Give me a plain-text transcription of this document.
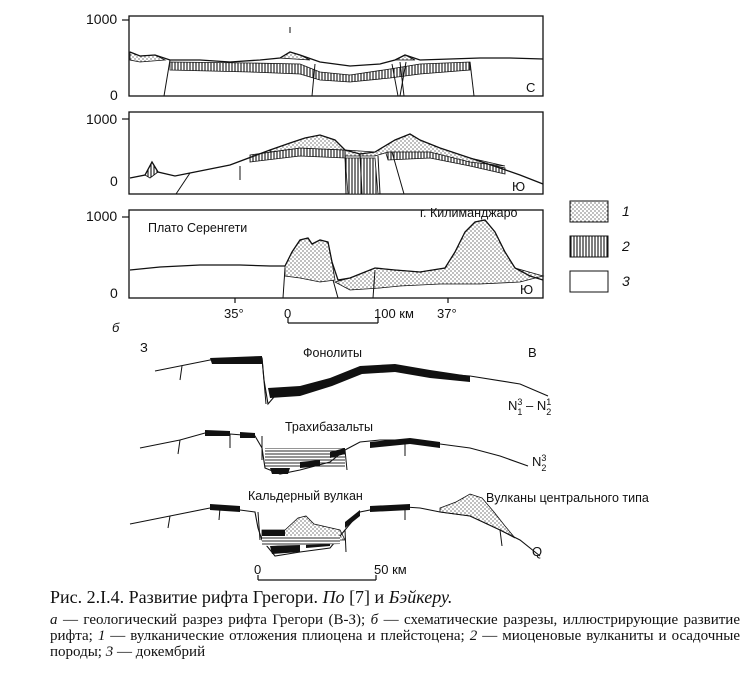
1000
0	С
1000
0	Ю
1000
0
Плато Серенгети
г. Килиманджаро
Ю
35°	37°
0	100 км
б
1
2
3
З	В
Фонолиты
$N_1^3 - N_2^1$
Трахибазальты
$N_2^3$
Кальдерный вулкан	Вулканы центрального типа
Q
0	50 км
Рис. 2.I.4. Развитие рифта Грегори. По [7] и Бэйкеру.
а — геологический разрез рифта Грегори (В-З); б — схематические разрезы, иллюстрирующие развитие рифта; 1 — вулканические отложения плиоцена и плейстоцена; 2 — миоценовые вулканиты и осадочные породы; 3 — докембрий
